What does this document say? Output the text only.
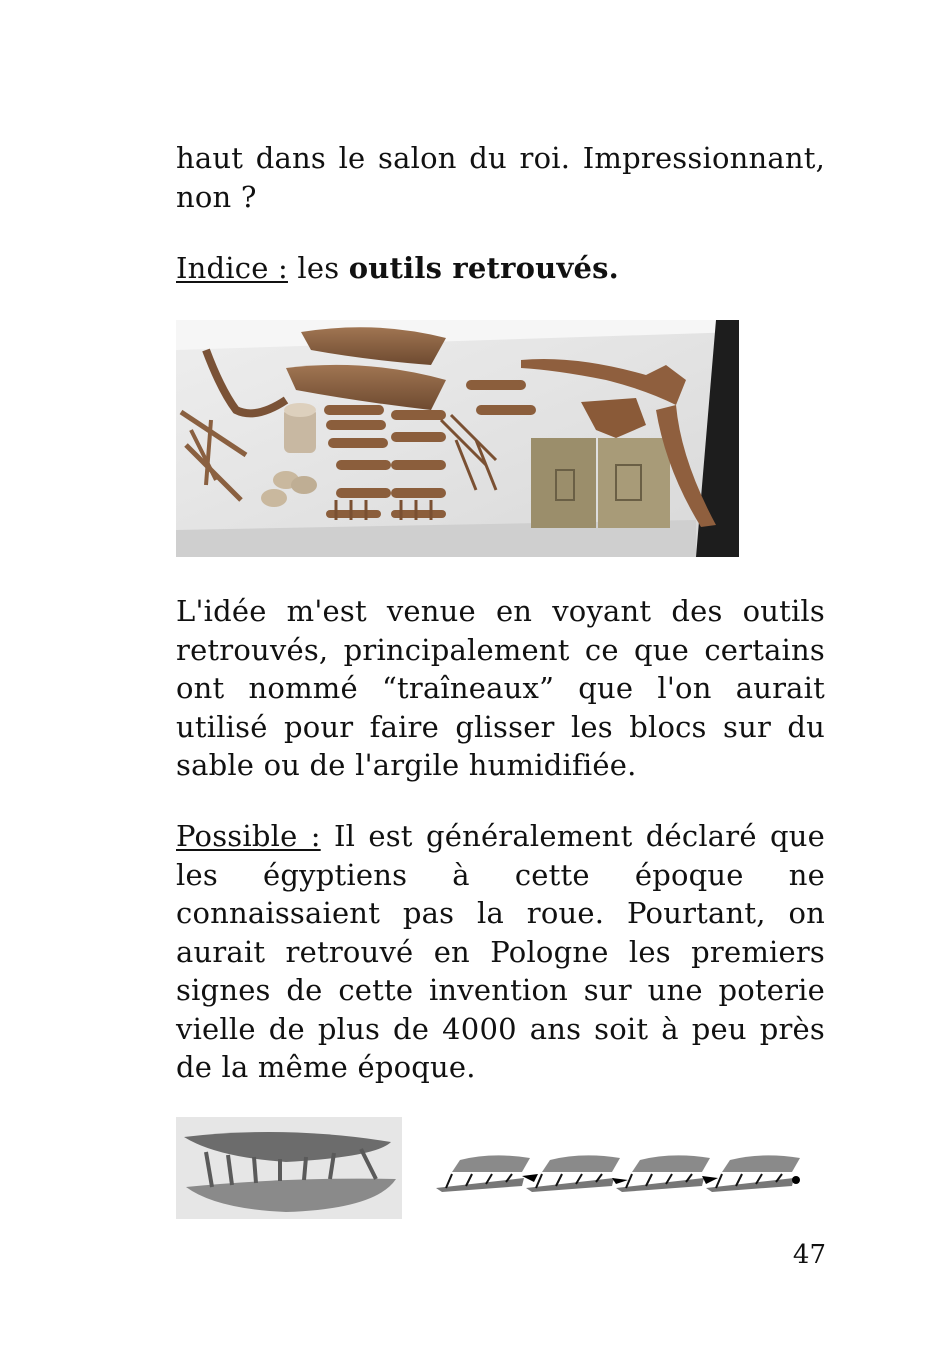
haut dans le salon du roi. Impressionnant, non ?

Indice : les outils retrouvés.

L'idée m'est venue en voyant des outils retrouvés, principalement ce que certains ont nommé “traîneaux” que l'on aurait utilisé pour faire glisser les blocs sur du sable ou de l'argile humidifiée.

Possible : Il est généralement déclaré que les égyptiens à cette époque ne connaissaient pas la roue. Pourtant, on aurait retrouvé en Pologne les premiers signes de cette invention sur une poterie vielle de plus de 4000 ans soit à peu près de la même époque.

47
